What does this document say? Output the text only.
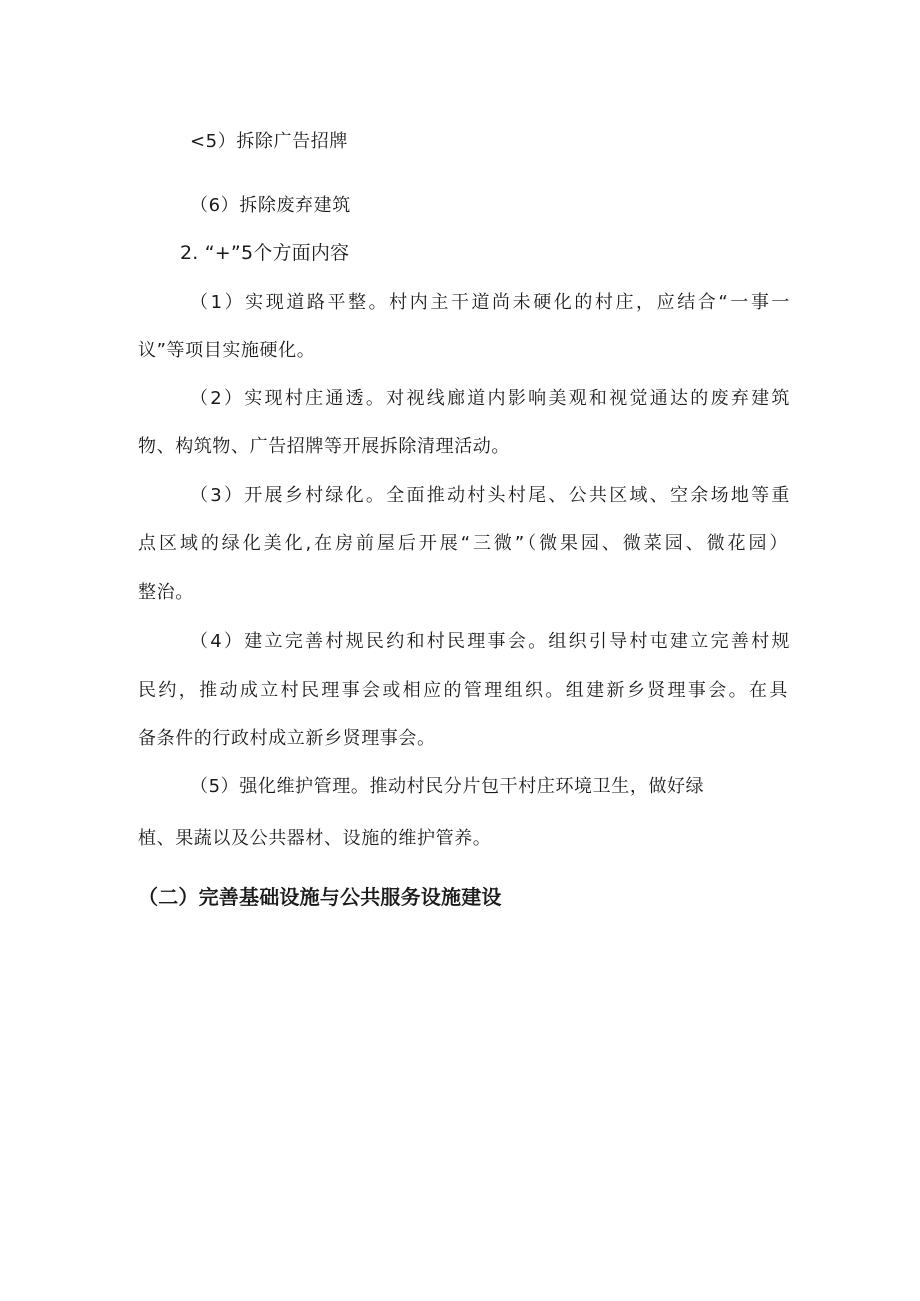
<5）拆除广告招牌
（6）拆除废弃建筑
2. “+”5个方面内容
（1）实现道路平整。村内主干道尚未硬化的村庄，应结合“一事一
议”等项目实施硬化。
（2）实现村庄通透。对视线廊道内影响美观和视觉通达的废弃建筑
物、构筑物、广告招牌等开展拆除清理活动。
（3）开展乡村绿化。全面推动村头村尾、公共区域、空余场地等重
点区域的绿化美化,在房前屋后开展“三微”（微果园、微菜园、微花园）
整治。
（4）建立完善村规民约和村民理事会。组织引导村屯建立完善村规
民约，推动成立村民理事会或相应的管理组织。组建新乡贤理事会。在具
备条件的行政村成立新乡贤理事会。
（5）强化维护管理。推动村民分片包干村庄环境卫生，做好绿
植、果蔬以及公共器材、设施的维护管养。
（二）完善基础设施与公共服务设施建设
